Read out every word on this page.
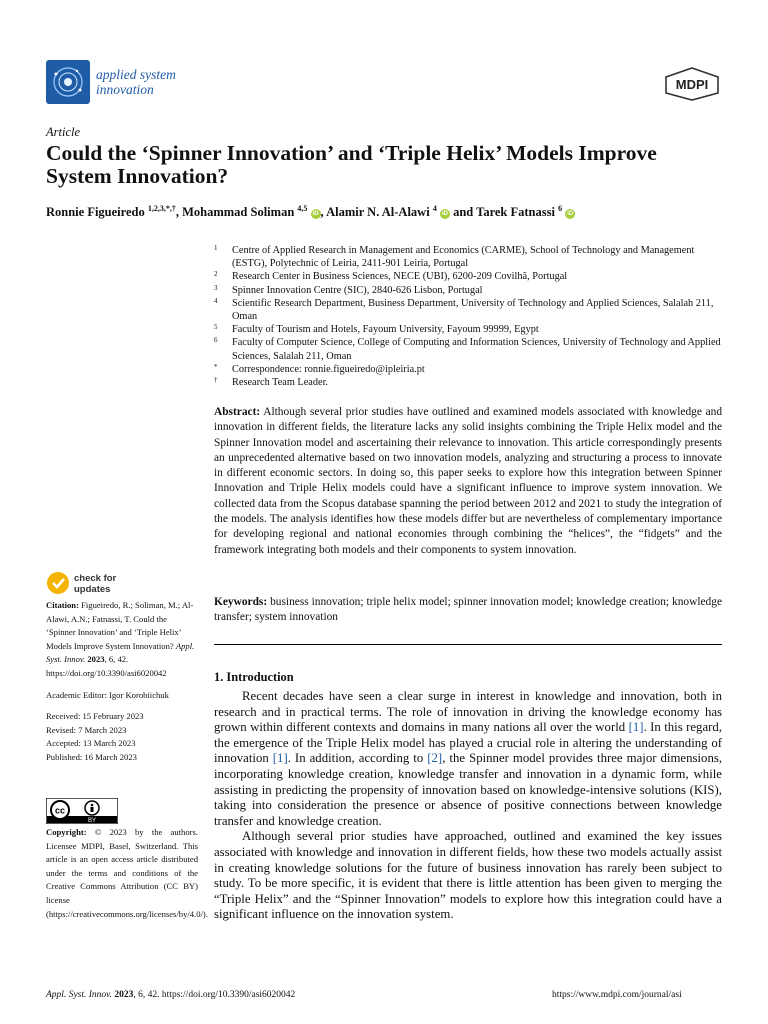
applied system
innovation	MDPI
Article
Could the ‘Spinner Innovation’ and ‘Triple Helix’ Models Improve System Innovation?
Ronnie Figueiredo $^{1,2,3,*,\dagger}$, Mohammad Soliman $^{4,5}$ iD , Alamir N. Al-Alawi $^4$ iD and Tarek Fatnassi $^6$ iD
1 Centre of Applied Research in Management and Economics (CARME), School of Technology and Management (ESTG), Polytechnic of Leiria, 2411-901 Leiria, Portugal
2 Research Center in Business Sciences, NECE (UBI), 6200-209 Covilhã, Portugal
3 Spinner Innovation Centre (SIC), 2840-626 Lisbon, Portugal
4 Scientific Research Department, Business Department, University of Technology and Applied Sciences, Salalah 211, Oman
5 Faculty of Tourism and Hotels, Fayoum University, Fayoum 99999, Egypt
6 Faculty of Computer Science, College of Computing and Information Sciences, University of Technology and Applied Sciences, Salalah 211, Oman
* Correspondence: ronnie.figueiredo@ipleiria.pt
† Research Team Leader.
Abstract: Although several prior studies have outlined and examined models associated with knowledge and innovation in different fields, the literature lacks any solid insights combining the Triple Helix model and the Spinner Innovation model and ascertaining their relevance to innovation. This article correspondingly presents an unprecedented alternative based on two innovation models, analyzing and structuring a process to innovate in different economic sectors. In doing so, this paper seeks to explore how this integration between Spinner Innovation and Triple Helix models could have a significant influence to improve system innovation. We collected data from the Scopus database spanning the period between 2012 and 2021 to study the integration of the models. The analysis identifies how these models differ but are nevertheless of complementary importance for developing regional and national economies through combining the “helices”, the “fidgets” and the framework integrating both models and their components to system innovation.
Keywords: business innovation; triple helix model; spinner innovation model; knowledge creation; knowledge transfer; system innovation
1. Introduction

Recent decades have seen a clear surge in interest in knowledge and innovation, both in research and in practical terms. The role of innovation in driving the knowledge economy has grown within different contexts and domains in many nations all over the world [1]. In this regard, the emergence of the Triple Helix model has played a crucial role in altering the understanding of innovation [1]. In addition, according to [2], the Spinner model provides three major dimensions, incorporating knowledge creation, knowledge transfer and innovation in a dynamic form, while assisting in predicting the propensity of innovation based on knowledge-intensive solutions (KIS), taking into consideration the presence or absence of positive connections between knowledge transfer and knowledge creation.

Although several prior studies have approached, outlined and examined the key issues associated with knowledge and innovation in different fields, how these two models actually assist in creating knowledge solutions for the future of business innovation has rarely been subject to study. To be more specific, it is evident that there is little attention has been given to merging the “Triple Helix” and the “Spinner Innovation” models to explore how this integration could have a significant influence on the innovation system.

check for
updates
Citation: Figueiredo, R.; Soliman, M.; Al-Alawi, A.N.; Fatnassi, T. Could the ‘Spinner Innovation’ and ‘Triple Helix’ Models Improve System Innovation? Appl. Syst. Innov. 2023, 6, 42. https://doi.org/10.3390/asi6020042
Academic Editor: Igor Korobiichuk
Received: 15 February 2023
Revised: 7 March 2023
Accepted: 13 March 2023
Published: 16 March 2023
cc
BY
Copyright: © 2023 by the authors. Licensee MDPI, Basel, Switzerland. This article is an open access article distributed under the terms and conditions of the Creative Commons Attribution (CC BY) license (https://creativecommons.org/licenses/by/4.0/).
Appl. Syst. Innov. 2023, 6, 42. https://doi.org/10.3390/asi6020042	https://www.mdpi.com/journal/asi
